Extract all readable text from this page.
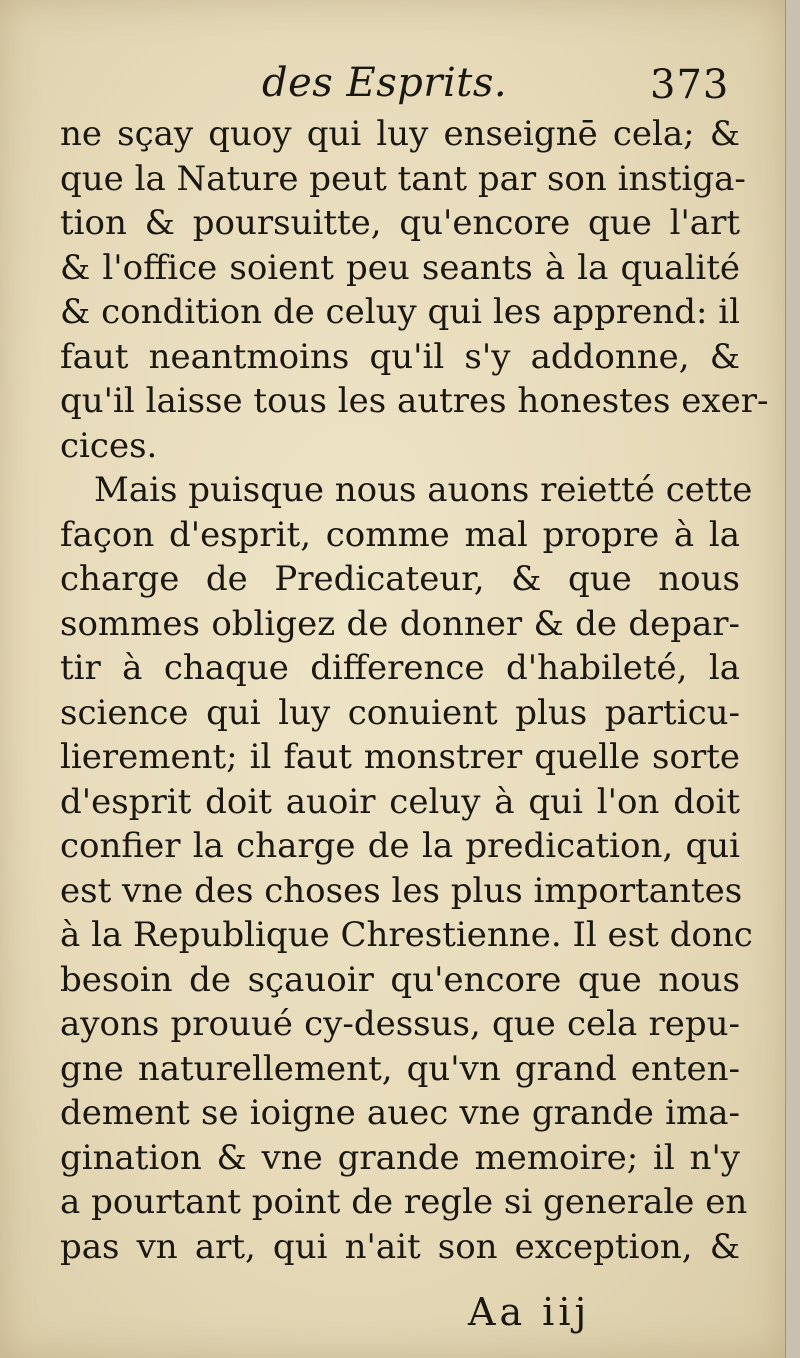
des Esprits.	373
ne sçay quoy qui luy enseignē cela; &
que la Nature peut tant par son instiga-
tion & poursuitte, qu'encore que l'art
& l'office soient peu seants à la qualité
& condition de celuy qui les apprend: il
faut neantmoins qu'il s'y addonne, &
qu'il laisse tous les autres honestes exer-
cices.
Mais puisque nous auons reietté cette
façon d'esprit, comme mal propre à la
charge de Predicateur, & que nous
sommes obligez de donner & de depar-
tir à chaque difference d'habileté, la
science qui luy conuient plus particu-
lierement; il faut monstrer quelle sorte
d'esprit doit auoir celuy à qui l'on doit
confier la charge de la predication, qui
est vne des choses les plus importantes
à la Republique Chrestienne. Il est donc
besoin de sçauoir qu'encore que nous
ayons prouué cy-dessus, que cela repu-
gne naturellement, qu'vn grand enten-
dement se ioigne auec vne grande ima-
gination & vne grande memoire; il n'y
a pourtant point de regle si generale en
pas vn art, qui n'ait son exception, &
Aa iij
